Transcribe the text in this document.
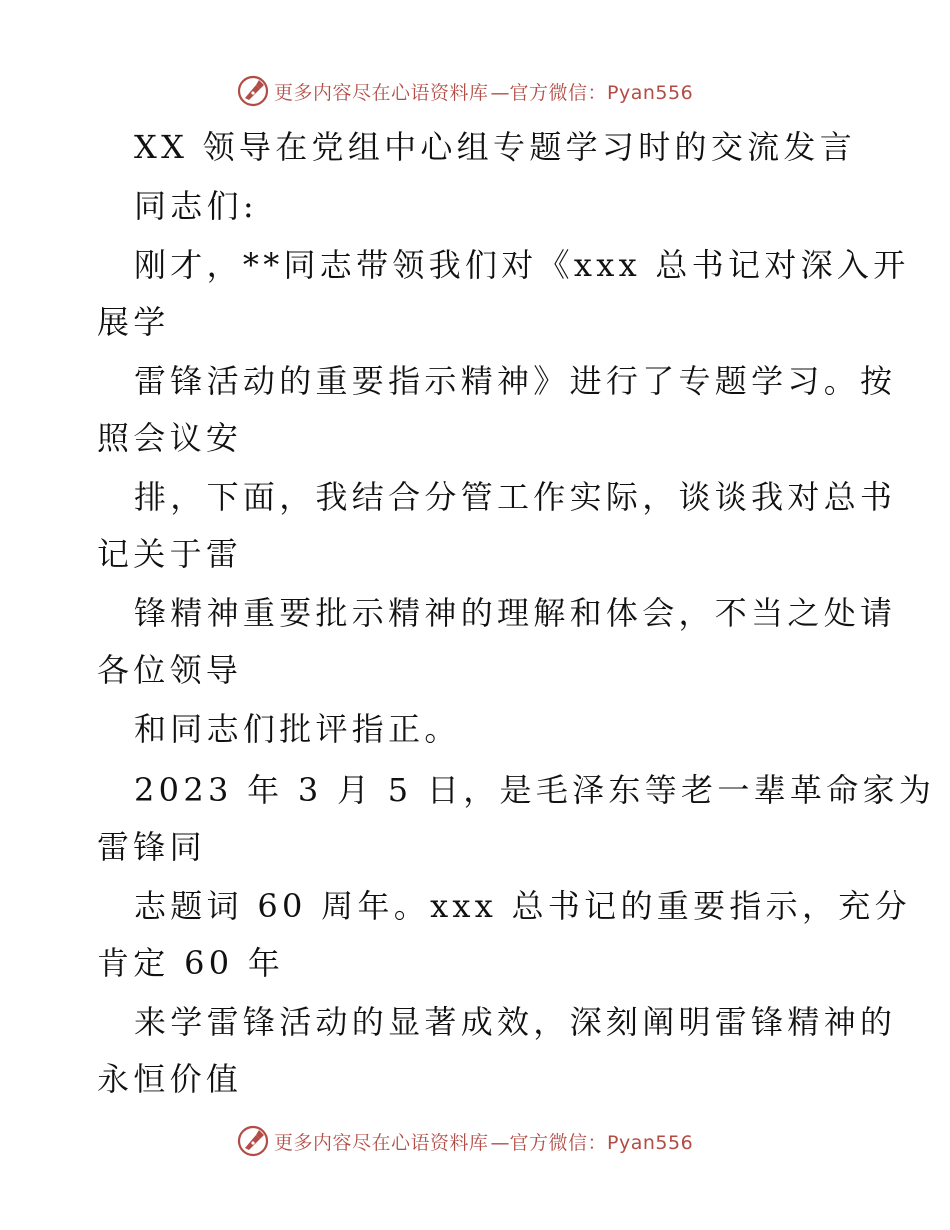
更多内容尽在心语资料库 — 官方微信：Pyan556
XX 领导在党组中心组专题学习时的交流发言
同志们:
刚才，**同志带领我们对《xxx 总书记对深入开
展学
雷锋活动的重要指示精神》进行了专题学习。按
照会议安
排，下面，我结合分管工作实际，谈谈我对总书
记关于雷
锋精神重要批示精神的理解和体会，不当之处请
各位领导
和同志们批评指正。
2023 年 3 月 5 日，是毛泽东等老一辈革命家为
雷锋同
志题词 60 周年。xxx 总书记的重要指示，充分
肯定 60 年
来学雷锋活动的显著成效，深刻阐明雷锋精神的
永恒价值
更多内容尽在心语资料库 — 官方微信：Pyan556
